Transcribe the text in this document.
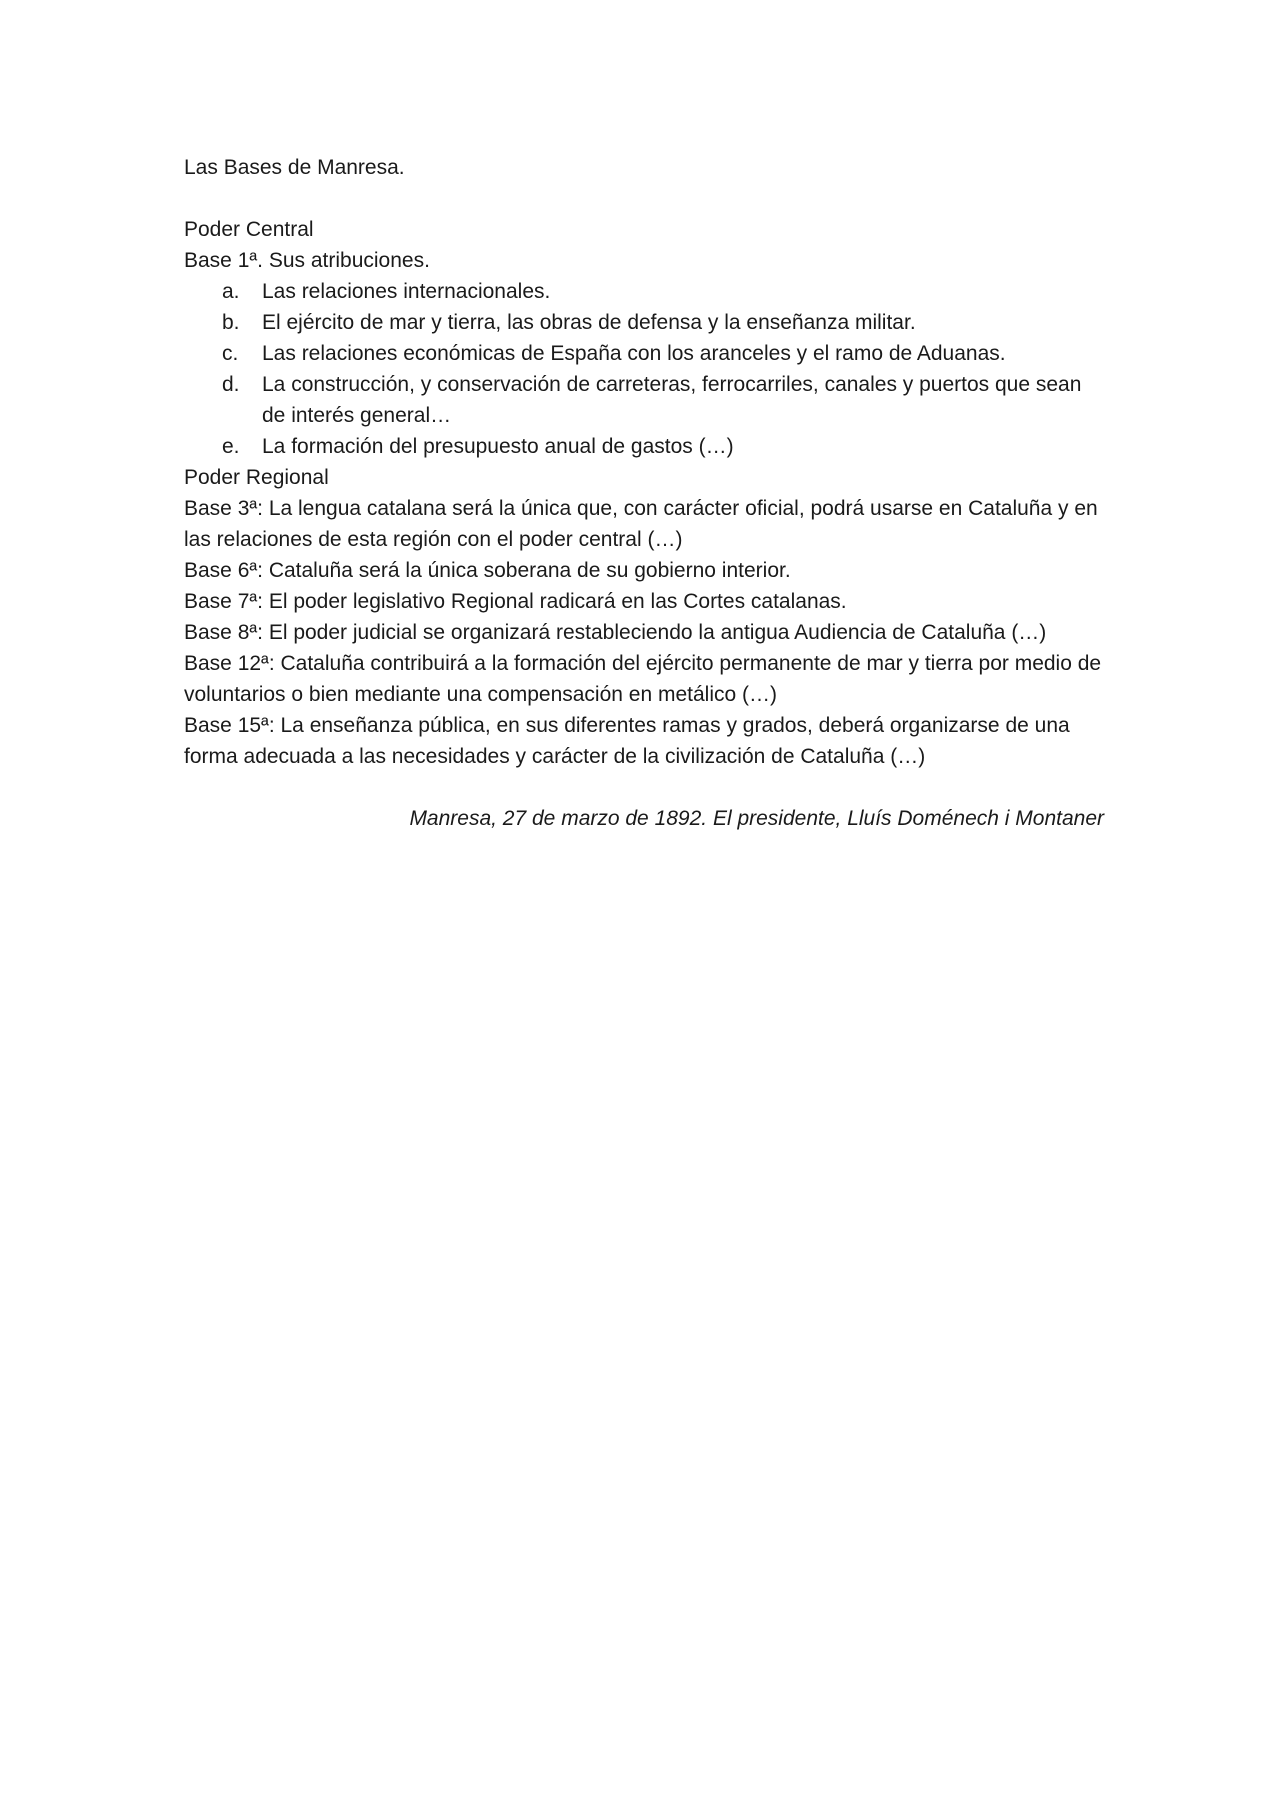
Las Bases de Manresa.

Poder Central

Base 1ª. Sus atribuciones.

a. Las relaciones internacionales.
b. El ejército de mar y tierra, las obras de defensa y la enseñanza militar.
c. Las relaciones económicas de España con los aranceles y el ramo de Aduanas.
d. La construcción, y conservación de carreteras, ferrocarriles, canales y puertos que sean de interés general…
e. La formación del presupuesto anual de gastos (…)

Poder Regional

Base 3ª: La lengua catalana será la única que, con carácter oficial, podrá usarse en Cataluña y en las relaciones de esta región con el poder central (…)

Base 6ª: Cataluña será la única soberana de su gobierno interior.

Base 7ª: El poder legislativo Regional radicará en las Cortes catalanas.

Base 8ª: El poder judicial se organizará restableciendo la antigua Audiencia de Cataluña (…)

Base 12ª: Cataluña contribuirá a la formación del ejército permanente de mar y tierra por medio de voluntarios o bien mediante una compensación en metálico (…)

Base 15ª: La enseñanza pública, en sus diferentes ramas y grados, deberá organizarse de una forma adecuada a las necesidades y carácter de la civilización de Cataluña (…)

Manresa, 27 de marzo de 1892. El presidente, Lluís Doménech i Montaner
